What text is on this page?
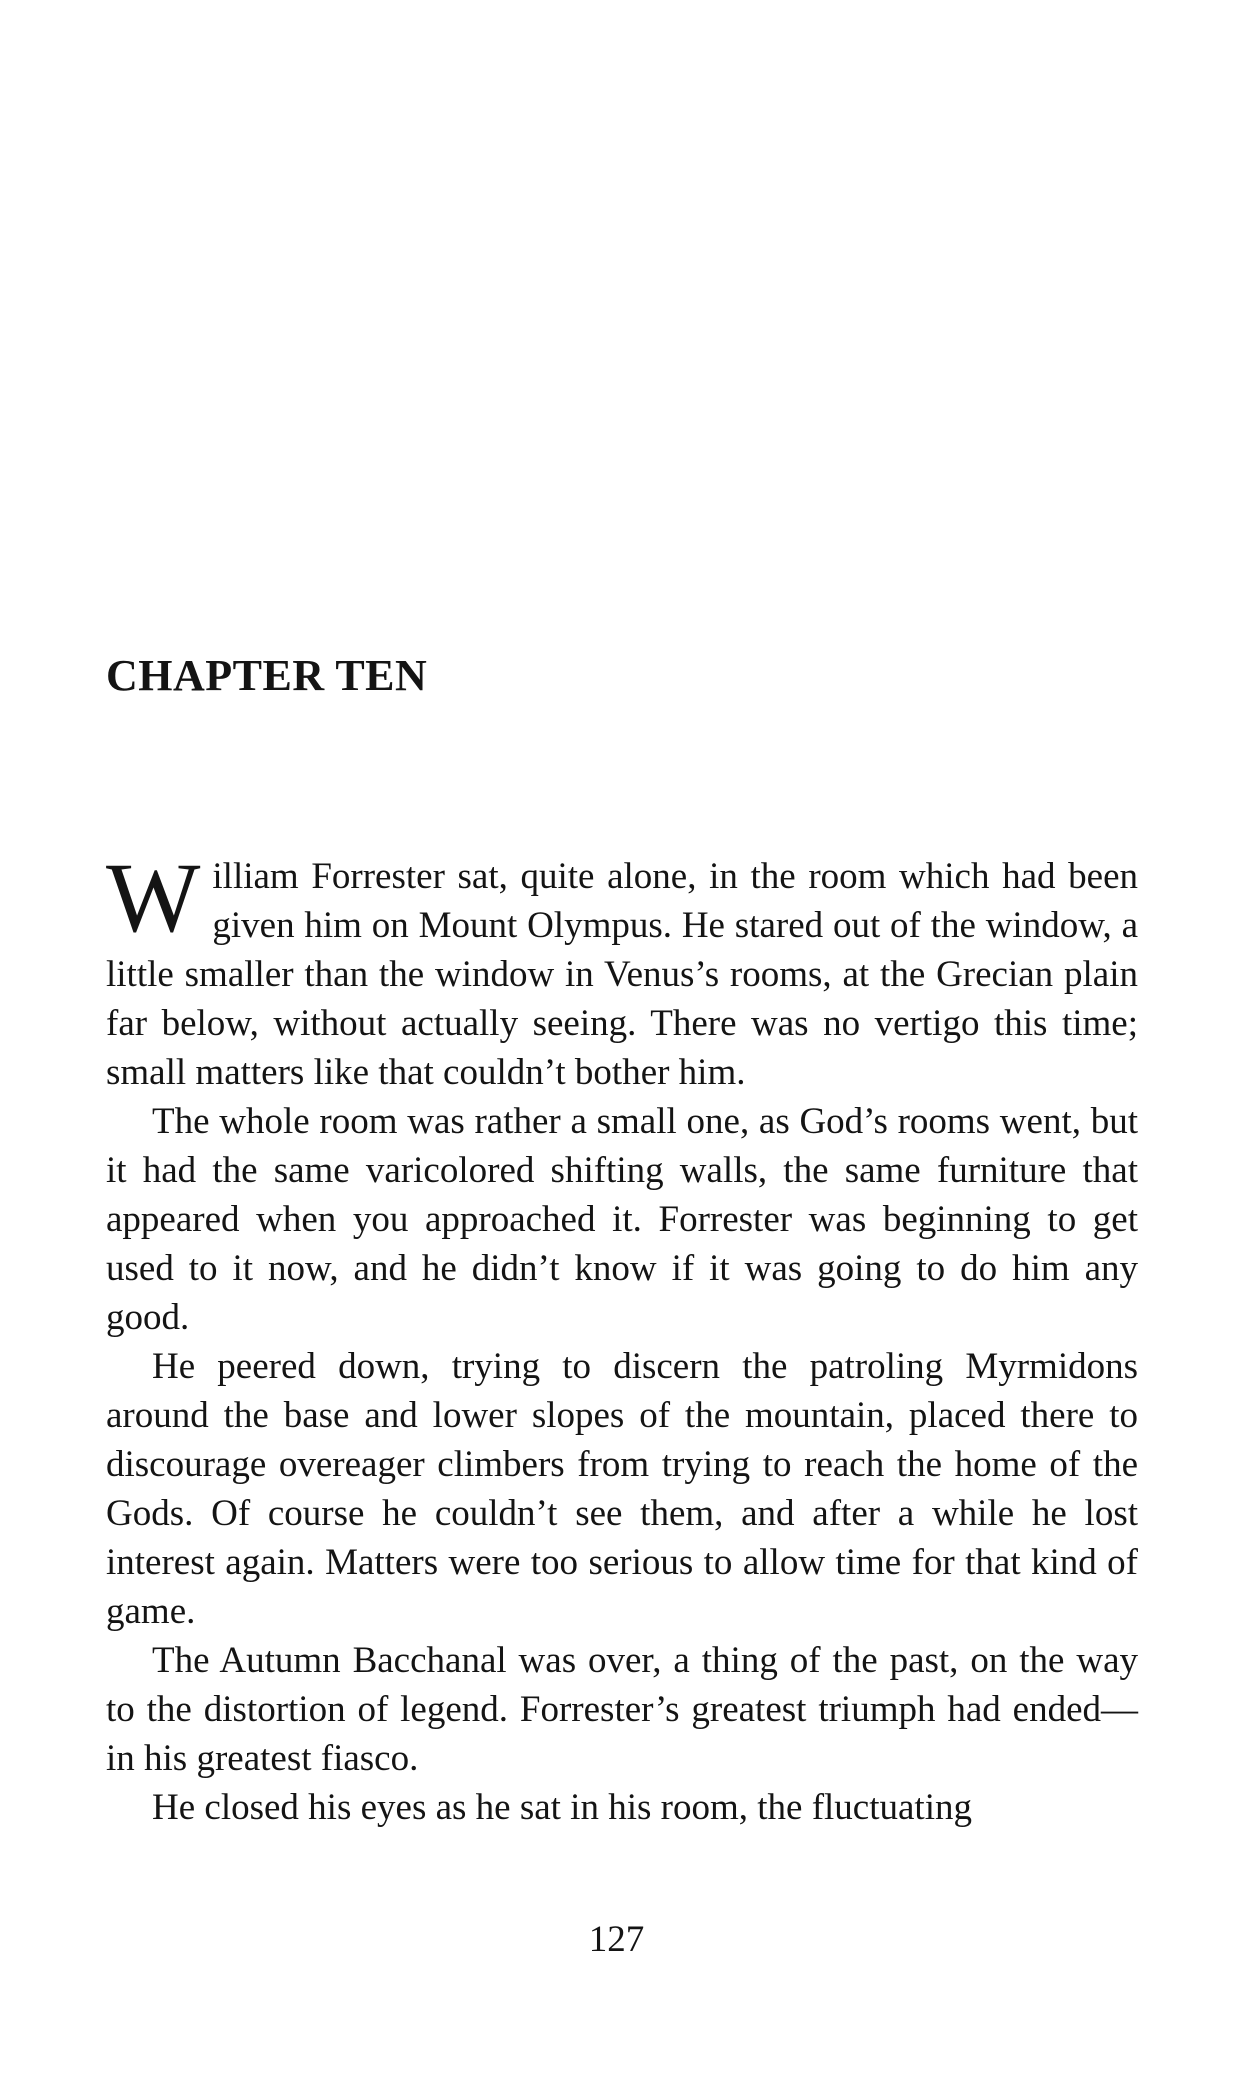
CHAPTER TEN

William Forrester sat, quite alone, in the room which had been given him on Mount Olympus. He stared out of the window, a little smaller than the window in Venus’s rooms, at the Grecian plain far below, without actually seeing. There was no vertigo this time; small matters like that couldn’t bother him.

The whole room was rather a small one, as God’s rooms went, but it had the same varicolored shifting walls, the same furniture that appeared when you approached it. Forrester was beginning to get used to it now, and he didn’t know if it was going to do him any good.

He peered down, trying to discern the patroling Myrmidons around the base and lower slopes of the mountain, placed there to discourage overeager climbers from trying to reach the home of the Gods. Of course he couldn’t see them, and after a while he lost interest again. Matters were too serious to allow time for that kind of game.

The Autumn Bacchanal was over, a thing of the past, on the way to the distortion of legend. Forrester’s greatest triumph had ended—in his greatest fiasco.

He closed his eyes as he sat in his room, the fluctuating

127
